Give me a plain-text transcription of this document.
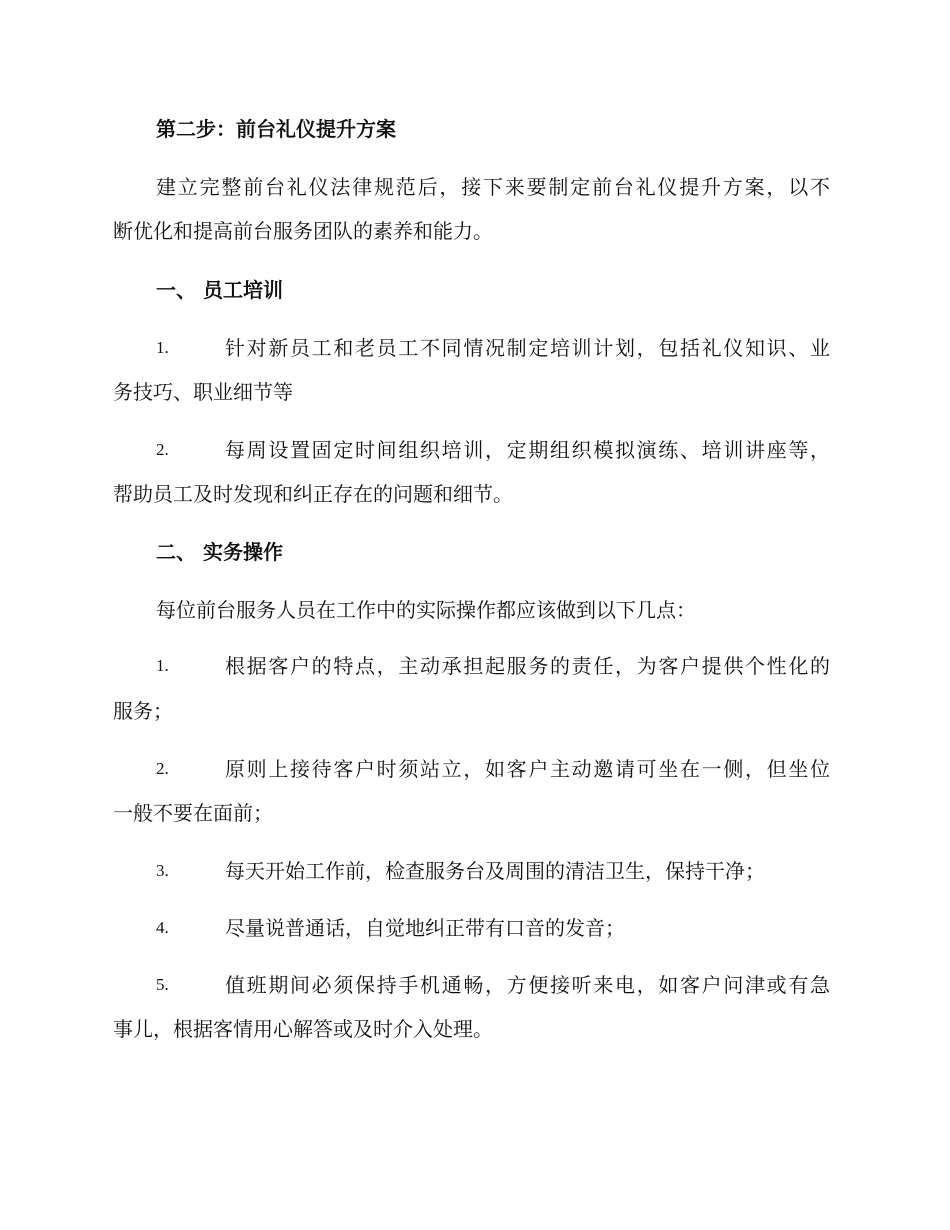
第二步：前台礼仪提升方案
建立完整前台礼仪法律规范后，接下来要制定前台礼仪提升方案，以不
断优化和提高前台服务团队的素养和能力。
一、 员工培训
1.	针对新员工和老员工不同情况制定培训计划，包括礼仪知识、业
务技巧、职业细节等
2.	每周设置固定时间组织培训，定期组织模拟演练、培训讲座等，
帮助员工及时发现和纠正存在的问题和细节。
二、 实务操作
每位前台服务人员在工作中的实际操作都应该做到以下几点：
1.	根据客户的特点，主动承担起服务的责任，为客户提供个性化的
服务；
2.	原则上接待客户时须站立，如客户主动邀请可坐在一侧，但坐位
一般不要在面前；
3.	每天开始工作前，检查服务台及周围的清洁卫生，保持干净；
4.	尽量说普通话，自觉地纠正带有口音的发音；
5.	值班期间必须保持手机通畅，方便接听来电，如客户问津或有急
事儿，根据客情用心解答或及时介入处理。
